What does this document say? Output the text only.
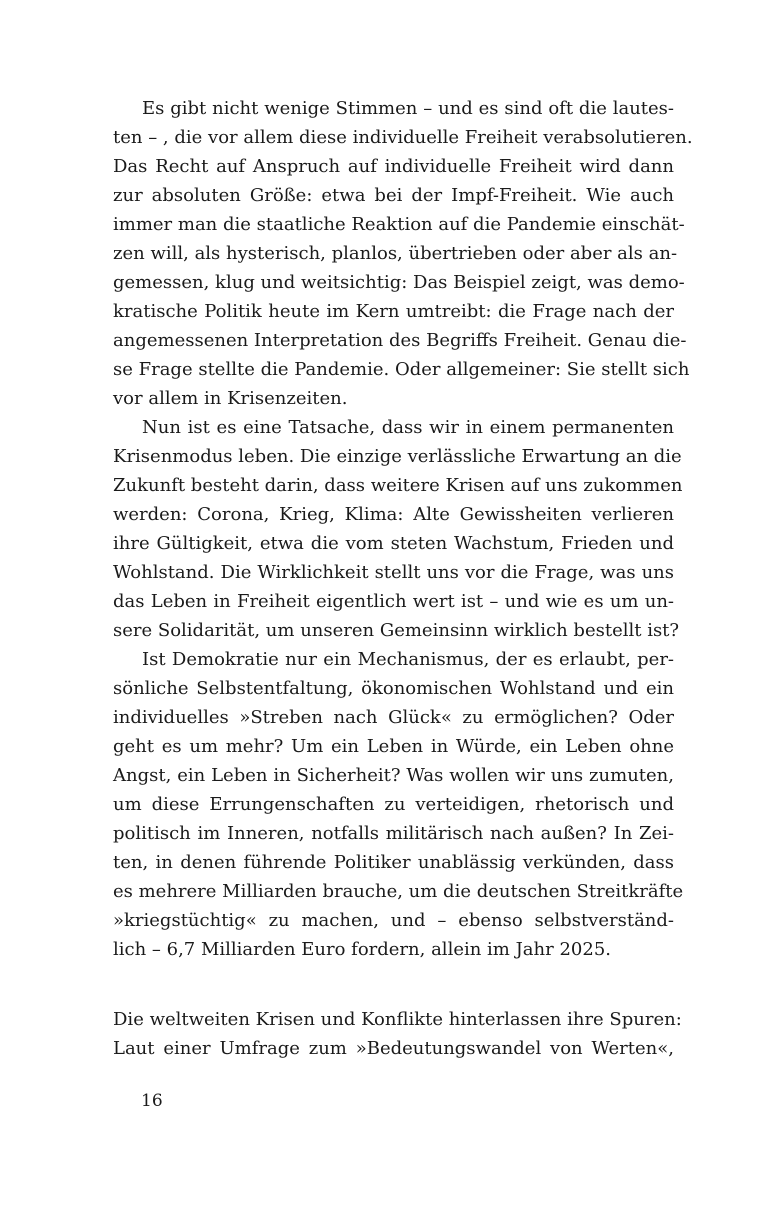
Es gibt nicht wenige Stimmen – und es sind oft die lautes-
ten – , die vor allem diese individuelle Freiheit verabsolutieren.
Das Recht auf Anspruch auf individuelle Freiheit wird dann
zur absoluten Größe: etwa bei der Impf-Freiheit. Wie auch
immer man die staatliche Reaktion auf die Pandemie einschät-
zen will, als hysterisch, planlos, übertrieben oder aber als an-
gemessen, klug und weitsichtig: Das Beispiel zeigt, was demo-
kratische Politik heute im Kern umtreibt: die Frage nach der
angemessenen Interpretation des Begriffs Freiheit. Genau die-
se Frage stellte die Pandemie. Oder allgemeiner: Sie stellt sich
vor allem in Krisenzeiten.
Nun ist es eine Tatsache, dass wir in einem permanenten
Krisenmodus leben. Die einzige verlässliche Erwartung an die
Zukunft besteht darin, dass weitere Krisen auf uns zukommen
werden: Corona, Krieg, Klima: Alte Gewissheiten verlieren
ihre Gültigkeit, etwa die vom steten Wachstum, Frieden und
Wohlstand. Die Wirklichkeit stellt uns vor die Frage, was uns
das Leben in Freiheit eigentlich wert ist – und wie es um un-
sere Solidarität, um unseren Gemeinsinn wirklich bestellt ist?
Ist Demokratie nur ein Mechanismus, der es erlaubt, per-
sönliche Selbstentfaltung, ökonomischen Wohlstand und ein
individuelles »Streben nach Glück« zu ermöglichen? Oder
geht es um mehr? Um ein Leben in Würde, ein Leben ohne
Angst, ein Leben in Sicherheit? Was wollen wir uns zumuten,
um diese Errungenschaften zu verteidigen, rhetorisch und
politisch im Inneren, notfalls militärisch nach außen? In Zei-
ten, in denen führende Politiker unablässig verkünden, dass
es mehrere Milliarden brauche, um die deutschen Streitkräfte
»kriegstüchtig« zu machen, und – ebenso selbstverständ-
lich – 6,7 Milliarden Euro fordern, allein im Jahr 2025.
Die weltweiten Krisen und Konflikte hinterlassen ihre Spuren:
Laut einer Umfrage zum »Bedeutungswandel von Werten«,
16
